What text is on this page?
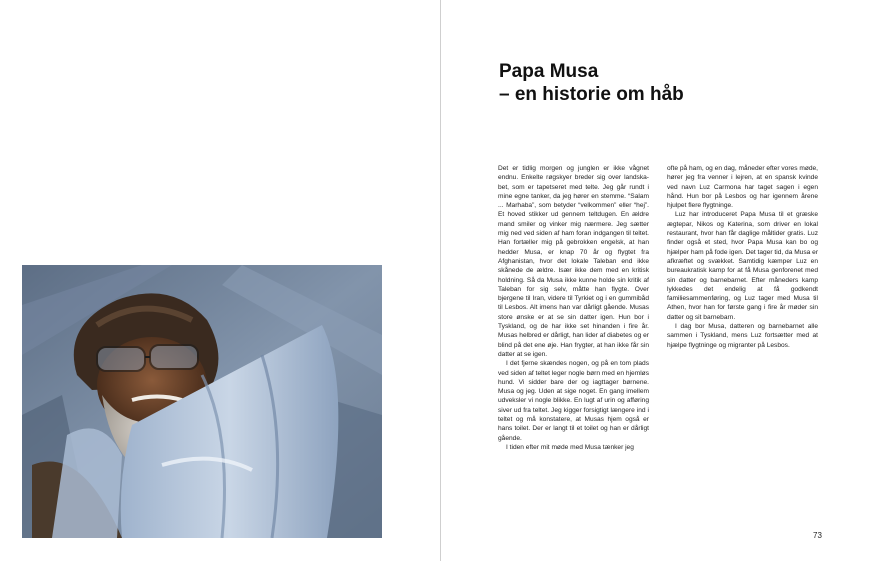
Papa Musa
– en historie om håb

Det er tidlig morgen og junglen er ikke vågnet endnu. Enkelte røgskyer breder sig over landskabet, som er tapetseret med telte. Jeg går rundt i mine egne tanker, da jeg hører en stemme. “Salam ... Marhaba”, som betyder “velkommen” eller “hej”. Et hoved stikker ud gennem teltdugen. En ældre mand smiler og vinker mig nærmere. Jeg sætter mig ned ved siden af ham foran indgangen til teltet. Han fortæller mig på gebrokken engelsk, at han hedder Musa, er knap 70 år og flygtet fra Afghanistan, hvor det lokale Taleban end ikke skånede de ældre. Især ikke dem med en kritisk holdning. Så da Musa ikke kunne holde sin kritik af Taleban for sig selv, måtte han flygte. Over bjergene til Iran, videre til Tyrkiet og i en gummibåd til Lesbos. Alt imens han var dårligt gående. Musas store ønske er at se sin datter igen. Hun bor i Tyskland, og de har ikke set hinanden i fire år. Musas helbred er dårligt, han lider af diabetes og er blind på det ene øje. Han frygter, at han ikke får sin datter at se igen.

I det fjerne skændes nogen, og på en tom plads ved siden af teltet leger nogle børn med en hjemløs hund. Vi sidder bare der og iagttager børnene. Musa og jeg. Uden at sige noget. En gang imellem udveksler vi nogle blikke. En lugt af urin og afføring siver ud fra teltet. Jeg kigger forsigtigt længere ind i teltet og må konstatere, at Musas hjem også er hans toilet. Der er langt til et toilet og han er dårligt gående.

I tiden efter mit møde med Musa tænker jeg

ofte på ham, og en dag, måneder efter vores møde, hører jeg fra venner i lejren, at en spansk kvinde ved navn Luz Carmona har taget sagen i egen hånd. Hun bor på Lesbos og har igennem årene hjulpet flere flygtninge.

Luz har introduceret Papa Musa til et græske ægtepar, Nikos og Katerina, som driver en lokal restaurant, hvor han får daglige måltider gratis. Luz finder også et sted, hvor Papa Musa kan bo og hjælper ham på fode igen. Det tager tid, da Musa er afkræftet og svækket. Samtidig kæmper Luz en bureaukratisk kamp for at få Musa genforenet med sin datter og barnebarnet. Efter måneders kamp lykkedes det endelig at få godkendt familiesammenføring, og Luz tager med Musa til Athen, hvor han for første gang i fire år møder sin datter og sit barnebarn.

I dag bor Musa, datteren og barnebarnet alle sammen i Tyskland, mens Luz fortsætter med at hjælpe flygtninge og migranter på Lesbos.

73
